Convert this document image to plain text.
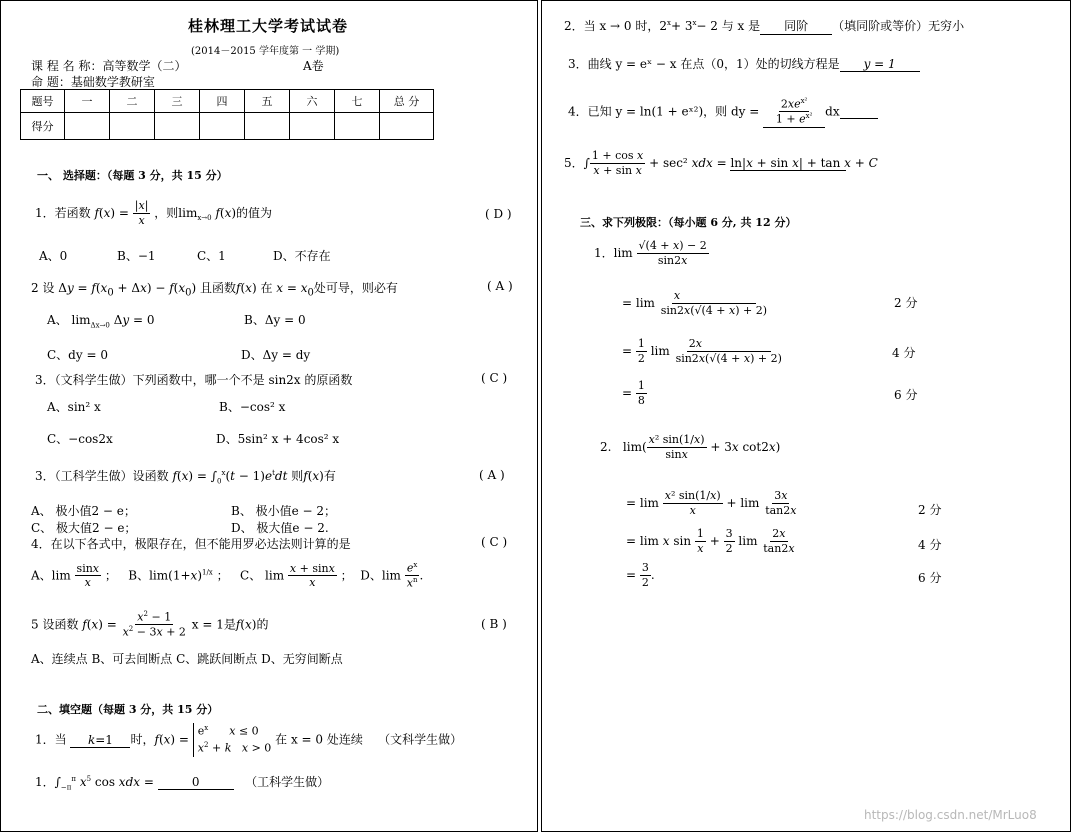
桂林理工大学考试试卷
(2014－2015 学年度第 一 学期)
课 程 名 称：高等数学（二）	A卷
命 题：基础数学教研室
题号	一	二	三	四	五	六	七	总 分
得分								
一、 选择题：（每题 3 分，共 15 分）
1．若函数 $f(x) = \frac{|x|}{x}$ ，则$\lim_{x\to 0} f(x)$的值为	( D )
A、0	B、−1	C、1	D、不存在
2 设 $\Delta y = f(x_0 + \Delta x) - f(x_0)$ 且函数f(x) 在 $x = x_0$处可导，则必有	( A )
A、 $\lim_{\Delta x\to 0} \Delta y = 0$	B、Δy = 0
C、dy = 0	D、Δy = dy
3．（文科学生做）下列函数中，哪一个不是 sin2x 的原函数	( C )
A、sin² x	B、−cos² x
C、−cos2x	D、5sin² x + 4cos² x
3．（工科学生做）设函数 $f(x) = \int_0^x(t - 1)e^tdt$ 则f(x)有	( A )
A、 极小值2 − e；	B、 极小值e − 2；
C、 极大值2 − e；	D、 极大值e − 2.
4．在以下各式中，极限存在，但不能用罗必达法则计算的是	( C )
A、$\lim \frac{\sin x}{x}$ ；   B、$\lim(1+x)^{1/x}$ ；   C、 $\lim \frac{x + \sin x}{x}$ ；  D、$\lim \frac{e^x}{x^n}$ .
5 设函数 $f(x) = \frac{x^2 - 1}{x^2 - 3x + 2}$ x = 1是f(x)的	( B )
A、连续点 B、可去间断点 C、跳跃间断点 D、无穷间断点
二、填空题（每题 3 分，共 15 分）
1．当 k=1 时，$f(x) = e^x$ x ≤ 0
$x^2 + k$ x > 0 在 x = 0 处连续 （文科学生做）
1．$\int_{-\pi}^\pi$ $x^5$ cos xdx =	0	（工科学生做）
2．当 x → 0 时，$2^x+ 3^x- 2$ 与 x 是 同阶 （填同阶或等价）无穷小
3．曲线 y = eˣ − x 在点（0，1）处的切线方程是 y = 1
4．已知 y = ln(1 + eˣ²)，则 dy =
$2xe^{x^2}$
$1 + e^{x^2}$ dx
5．∫ $\frac{\text{1 + cos x}}{\text{x + sin x}} + \sec^2$ xdx = ln|x + sin x| + tan x + C
三、求下列极限：（每小题 6 分, 共 12 分）
1．$\lim \frac{√(4 + x) - 2}{\sin 2x}$
= $\lim \frac{x}{\sin 2x(√(4 + x) + 2)}$	2 分
= $\frac{1}{2}$ $\lim \frac{2x}{\sin 2x(√(4 + x) + 2)}$	4 分
= $\frac{1}{8}$	6 分
2.   $\lim( \frac{\text{x² sin(1/x)}}{\sin x} + 3x$ cot2x)
= $\lim \frac{\text{x² sin(1/x)}}{x} + \lim \frac{3x}{\tan 2x}$	2 分
= lim x $\sin \frac{1}{x} + \frac{3}{2}$ $\lim \frac{2x}{\tan 2x}$	4 分
= $\frac{3}{2}$ .	6 分
https://blog.csdn.net/MrLuo8
